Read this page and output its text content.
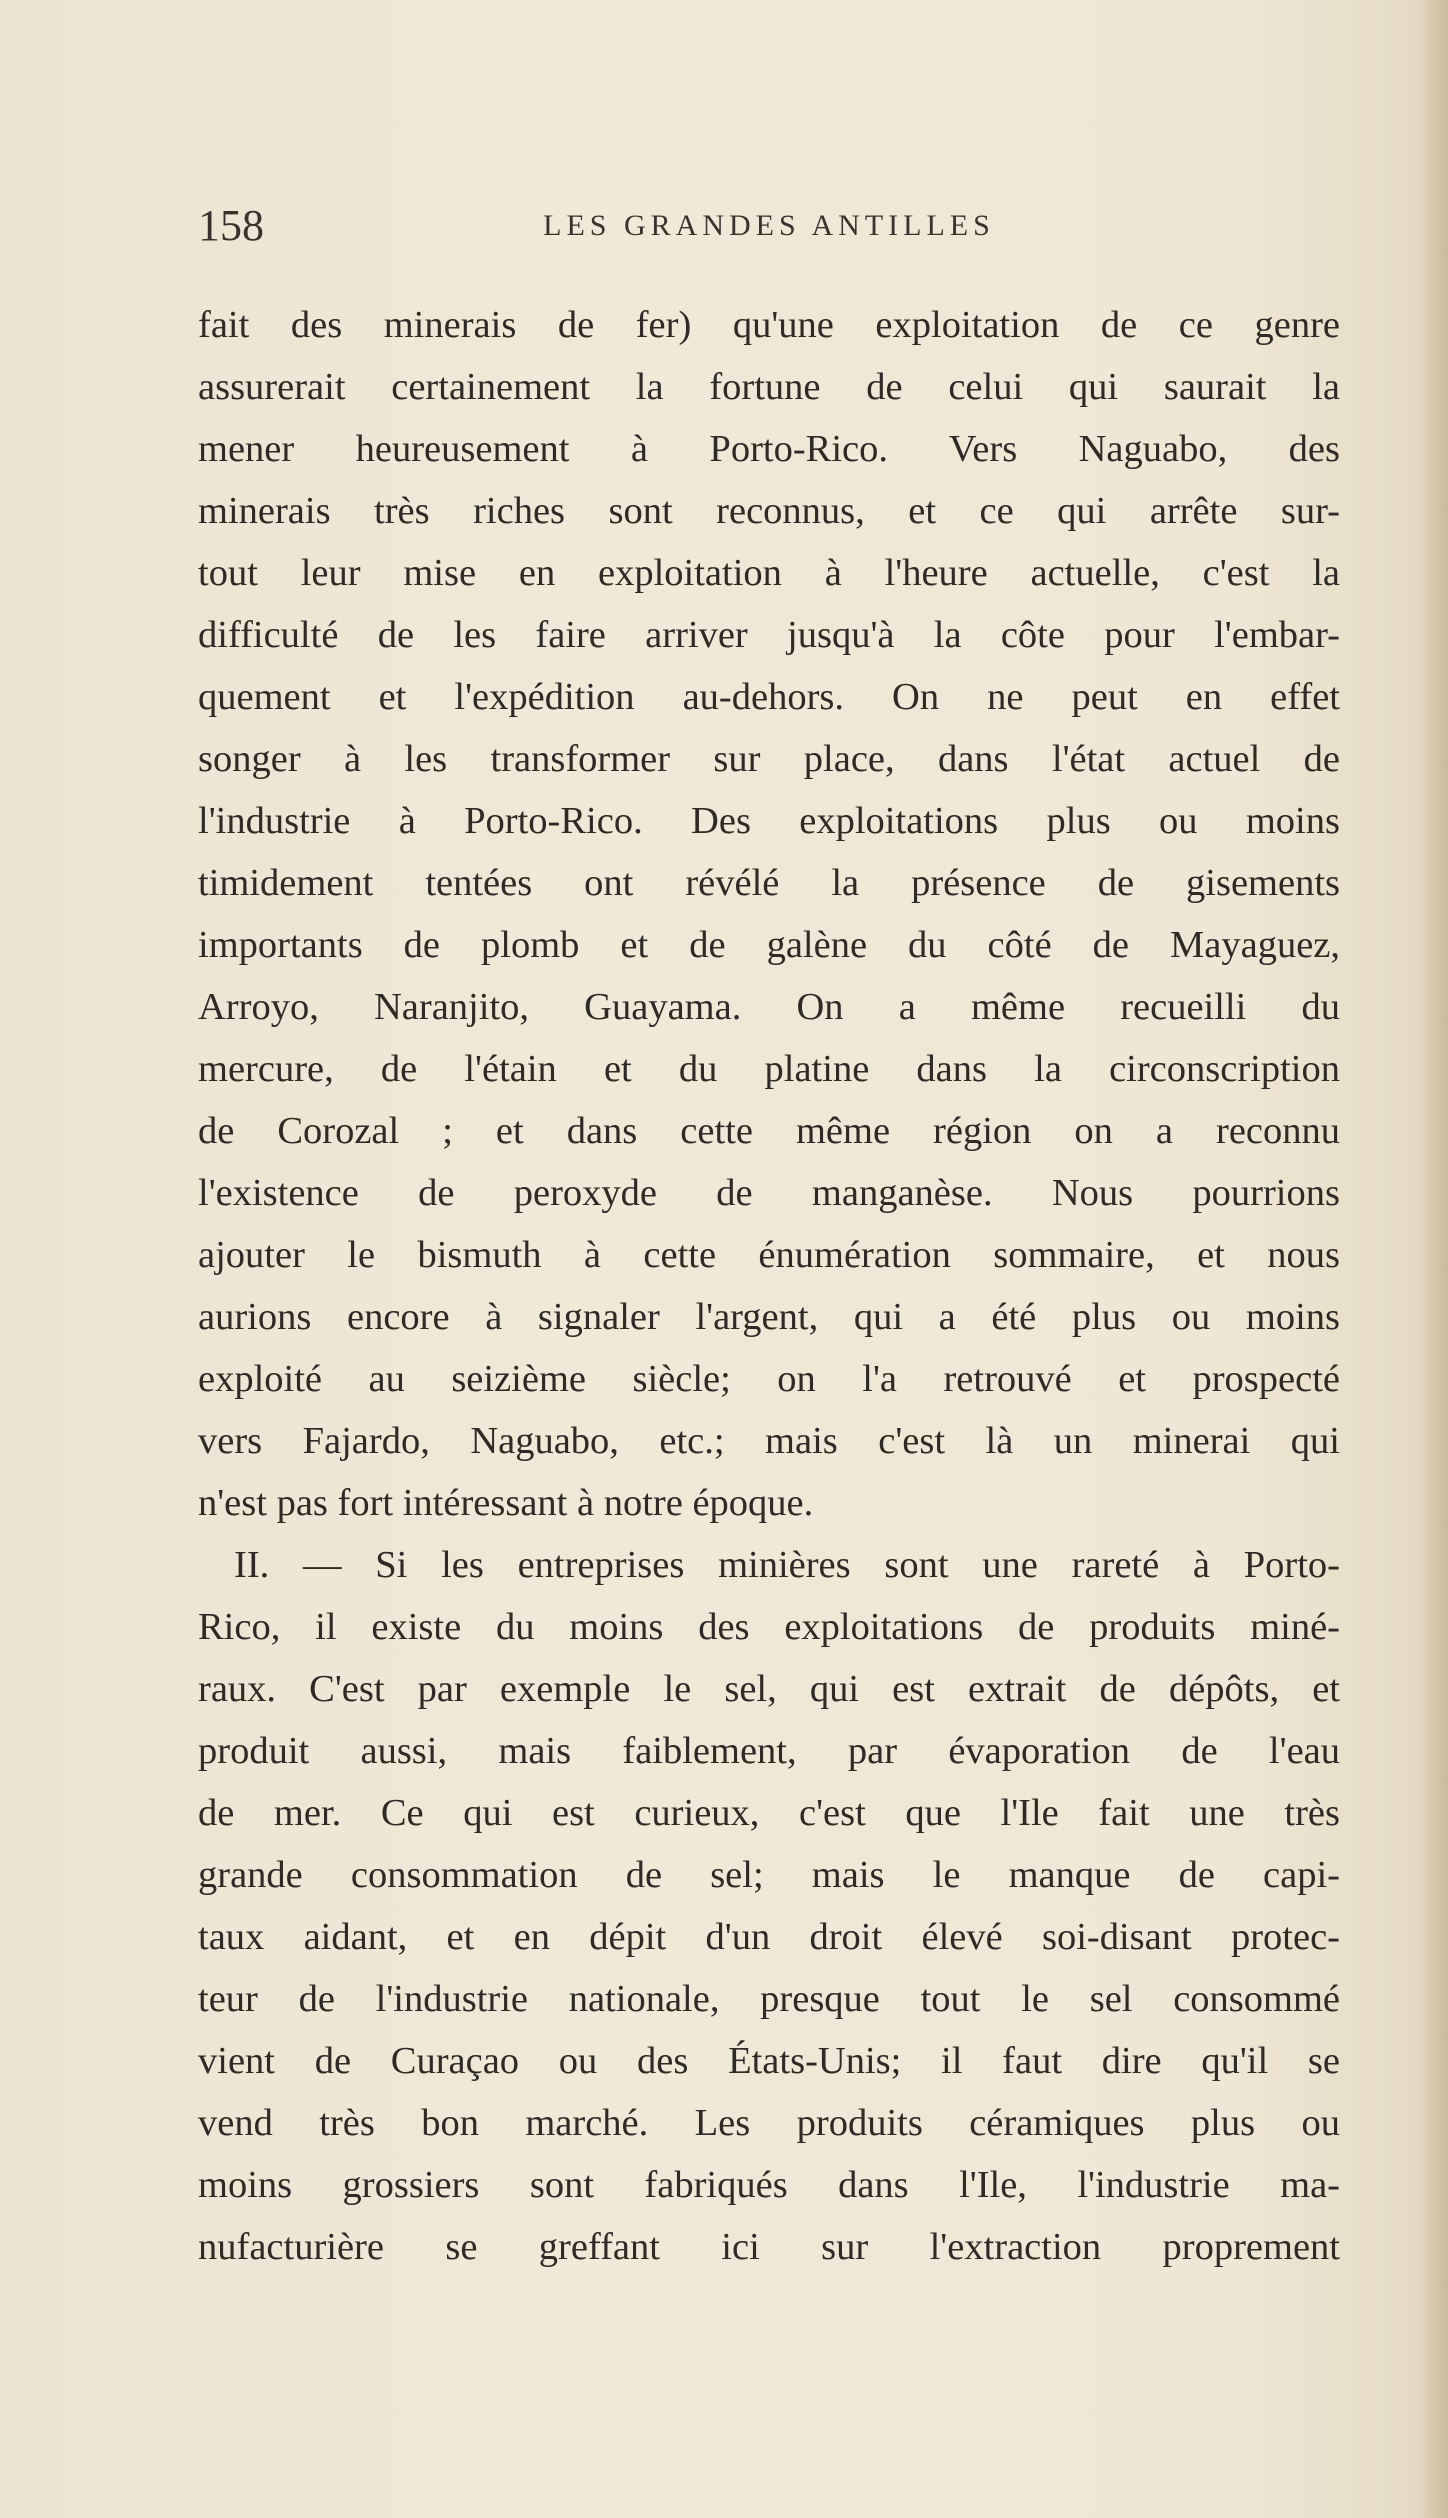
158	LES GRANDES ANTILLES
fait des minerais de fer) qu'une exploitation de ce genre
assurerait certainement la fortune de celui qui saurait la
mener heureusement à Porto-Rico. Vers Naguabo, des
minerais très riches sont reconnus, et ce qui arrête sur-
tout leur mise en exploitation à l'heure actuelle, c'est la
difficulté de les faire arriver jusqu'à la côte pour l'embar-
quement et l'expédition au-dehors. On ne peut en effet
songer à les transformer sur place, dans l'état actuel de
l'industrie à Porto-Rico. Des exploitations plus ou moins
timidement tentées ont révélé la présence de gisements
importants de plomb et de galène du côté de Mayaguez,
Arroyo, Naranjito, Guayama. On a même recueilli du
mercure, de l'étain et du platine dans la circonscription
de Corozal ; et dans cette même région on a reconnu
l'existence de peroxyde de manganèse. Nous pourrions
ajouter le bismuth à cette énumération sommaire, et nous
aurions encore à signaler l'argent, qui a été plus ou moins
exploité au seizième siècle; on l'a retrouvé et prospecté
vers Fajardo, Naguabo, etc.; mais c'est là un minerai qui
n'est pas fort intéressant à notre époque.
II. — Si les entreprises minières sont une rareté à Porto-
Rico, il existe du moins des exploitations de produits miné-
raux. C'est par exemple le sel, qui est extrait de dépôts, et
produit aussi, mais faiblement, par évaporation de l'eau
de mer. Ce qui est curieux, c'est que l'Ile fait une très
grande consommation de sel; mais le manque de capi-
taux aidant, et en dépit d'un droit élevé soi-disant protec-
teur de l'industrie nationale, presque tout le sel consommé
vient de Curaçao ou des États-Unis; il faut dire qu'il se
vend très bon marché. Les produits céramiques plus ou
moins grossiers sont fabriqués dans l'Ile, l'industrie ma-
nufacturière se greffant ici sur l'extraction proprement
